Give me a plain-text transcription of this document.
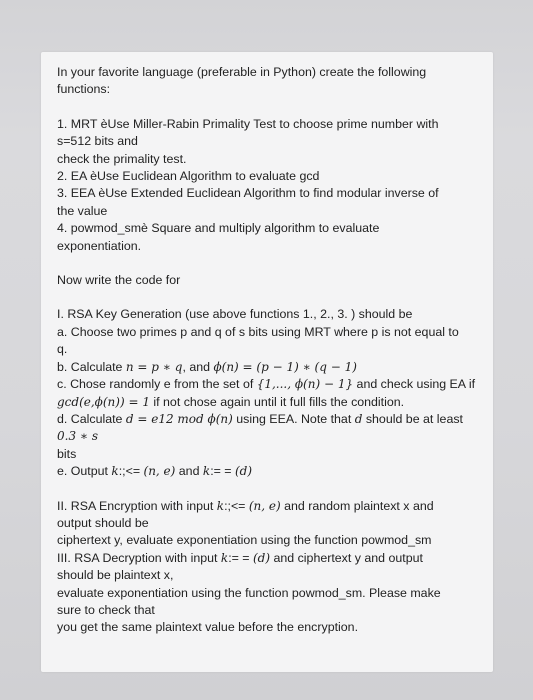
In your favorite language (preferable in Python) create the following
functions:
1. MRT èUse Miller-Rabin Primality Test to choose prime number with
s=512 bits and
check the primality test.
2. EA èUse Euclidean Algorithm to evaluate gcd
3. EEA èUse Extended Euclidean Algorithm to find modular inverse of
the value
4. powmod_smè Square and multiply algorithm to evaluate
exponentiation.
Now write the code for
I. RSA Key Generation (use above functions 1., 2., 3. ) should be
a. Choose two primes p and q of s bits using MRT where p is not equal to
q.
b. Calculate n = p ∗ q, and ϕ(n) = (p − 1) ∗ (q − 1)
c. Chose randomly e from the set of {1,..., ϕ(n) − 1} and check using EA if
gcd(e,ϕ(n)) = 1 if not chose again until it full fills the condition.
d. Calculate d = e12 mod ϕ(n) using EEA. Note that d should be at least
0.3 ∗ s
bits
e. Output k:;<= (n, e) and k:= = (d)
II. RSA Encryption with input k:;<= (n, e) and random plaintext x and
output should be
ciphertext y, evaluate exponentiation using the function powmod_sm
III. RSA Decryption with input k:= = (d) and ciphertext y and output
should be plaintext x,
evaluate exponentiation using the function powmod_sm. Please make
sure to check that
you get the same plaintext value before the encryption.
